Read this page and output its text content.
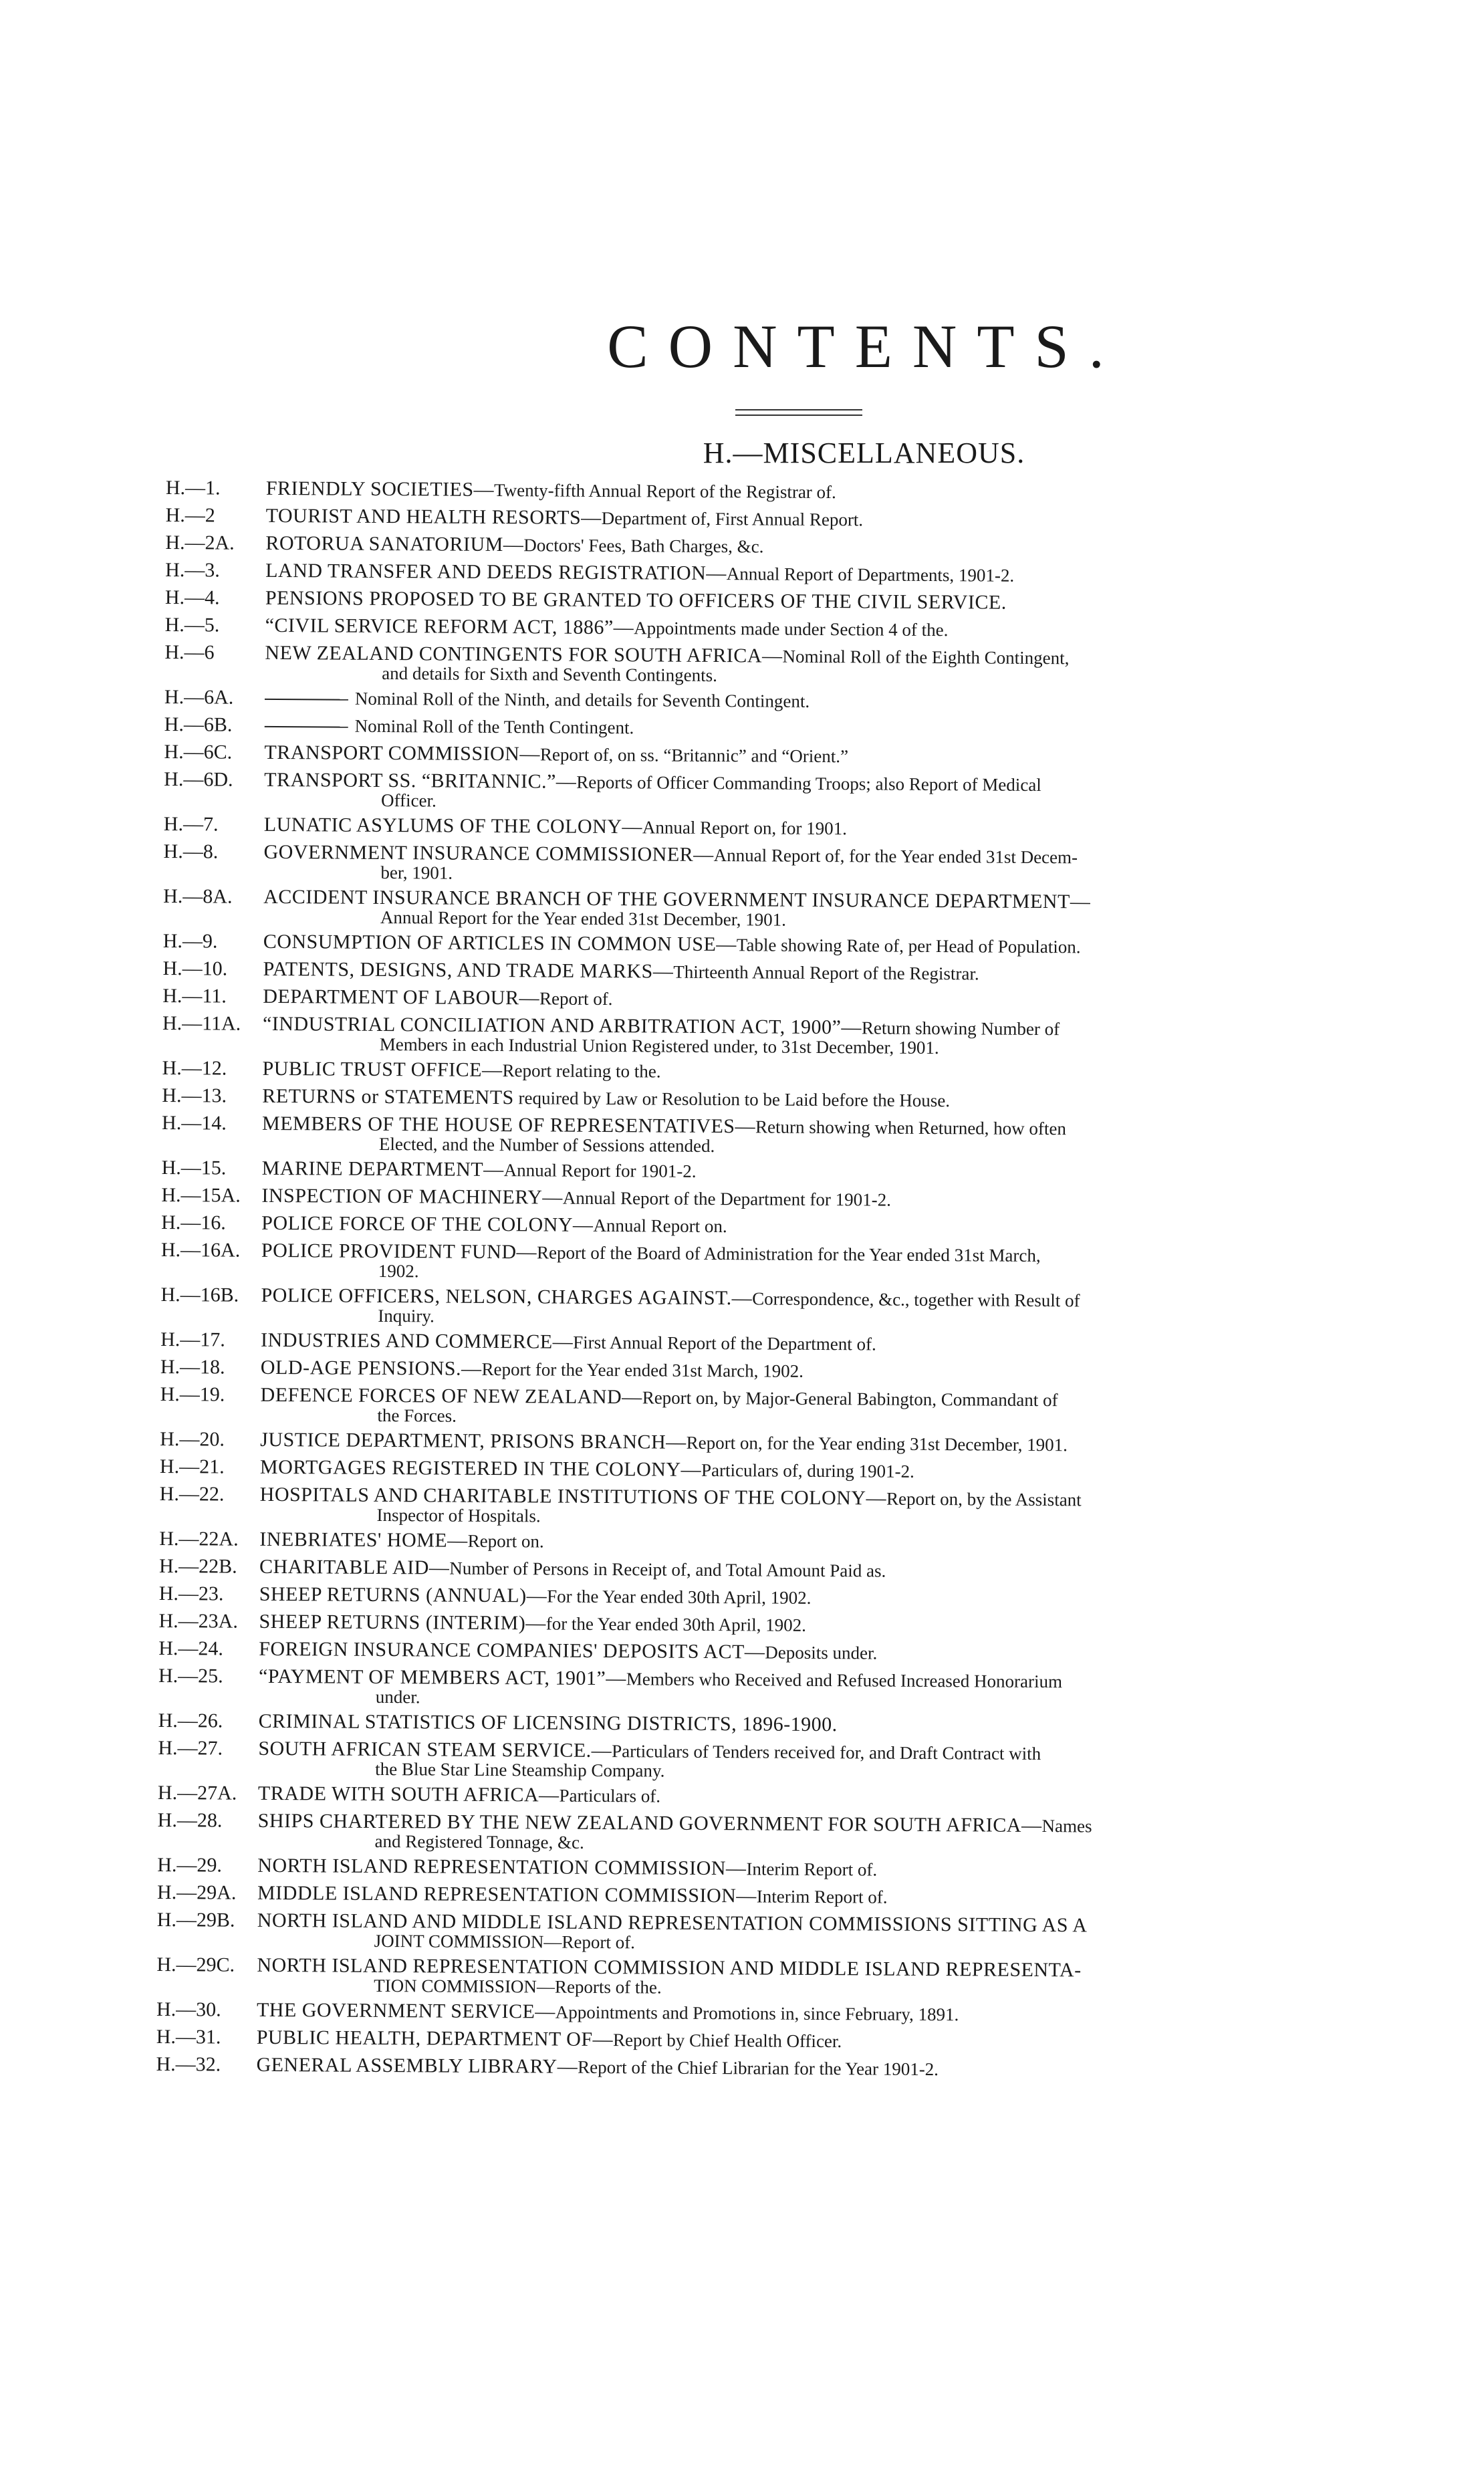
CONTENTS.
H.—MISCELLANEOUS.
H.—1.	FRIENDLY SOCIETIES—Twenty-fifth Annual Report of the Registrar of.
H.—2	TOURIST AND HEALTH RESORTS—Department of, First Annual Report.
H.—2A.	ROTORUA SANATORIUM—Doctors' Fees, Bath Charges, &c.
H.—3.	LAND TRANSFER AND DEEDS REGISTRATION—Annual Report of Departments, 1901-2.
H.—4.	PENSIONS PROPOSED TO BE GRANTED TO OFFICERS OF THE CIVIL SERVICE.
H.—5.	“CIVIL SERVICE REFORM ACT, 1886”—Appointments made under Section 4 of the.
H.—6	NEW ZEALAND CONTINGENTS FOR SOUTH AFRICA—Nominal Roll of the Eighth Contingent,
and details for Sixth and Seventh Contingents.
H.—6A.	Nominal Roll of the Ninth, and details for Seventh Contingent.
H.—6B.	Nominal Roll of the Tenth Contingent.
H.—6C.	TRANSPORT COMMISSION—Report of, on ss. “Britannic” and “Orient.”
H.—6D.	TRANSPORT SS. “BRITANNIC.”—Reports of Officer Commanding Troops; also Report of Medical
Officer.
H.—7.	LUNATIC ASYLUMS OF THE COLONY—Annual Report on, for 1901.
H.—8.	GOVERNMENT INSURANCE COMMISSIONER—Annual Report of, for the Year ended 31st Decem-
ber, 1901.
H.—8A.	ACCIDENT INSURANCE BRANCH OF THE GOVERNMENT INSURANCE DEPARTMENT—
Annual Report for the Year ended 31st December, 1901.
H.—9.	CONSUMPTION OF ARTICLES IN COMMON USE—Table showing Rate of, per Head of Population.
H.—10.	PATENTS, DESIGNS, AND TRADE MARKS—Thirteenth Annual Report of the Registrar.
H.—11.	DEPARTMENT OF LABOUR—Report of.
H.—11A.	“INDUSTRIAL CONCILIATION AND ARBITRATION ACT, 1900”—Return showing Number of
Members in each Industrial Union Registered under, to 31st December, 1901.
H.—12.	PUBLIC TRUST OFFICE—Report relating to the.
H.—13.	RETURNS or STATEMENTS required by Law or Resolution to be Laid before the House.
H.—14.	MEMBERS OF THE HOUSE OF REPRESENTATIVES—Return showing when Returned, how often
Elected, and the Number of Sessions attended.
H.—15.	MARINE DEPARTMENT—Annual Report for 1901-2.
H.—15A.	INSPECTION OF MACHINERY—Annual Report of the Department for 1901-2.
H.—16.	POLICE FORCE OF THE COLONY—Annual Report on.
H.—16A.	POLICE PROVIDENT FUND—Report of the Board of Administration for the Year ended 31st March,
1902.
H.—16B.	POLICE OFFICERS, NELSON, CHARGES AGAINST.—Correspondence, &c., together with Result of
Inquiry.
H.—17.	INDUSTRIES AND COMMERCE—First Annual Report of the Department of.
H.—18.	OLD-AGE PENSIONS.—Report for the Year ended 31st March, 1902.
H.—19.	DEFENCE FORCES OF NEW ZEALAND—Report on, by Major-General Babington, Commandant of
the Forces.
H.—20.	JUSTICE DEPARTMENT, PRISONS BRANCH—Report on, for the Year ending 31st December, 1901.
H.—21.	MORTGAGES REGISTERED IN THE COLONY—Particulars of, during 1901-2.
H.—22.	HOSPITALS AND CHARITABLE INSTITUTIONS OF THE COLONY—Report on, by the Assistant
Inspector of Hospitals.
H.—22A.	INEBRIATES' HOME—Report on.
H.—22B.	CHARITABLE AID—Number of Persons in Receipt of, and Total Amount Paid as.
H.—23.	SHEEP RETURNS (ANNUAL)—For the Year ended 30th April, 1902.
H.—23A.	SHEEP RETURNS (INTERIM)—for the Year ended 30th April, 1902.
H.—24.	FOREIGN INSURANCE COMPANIES' DEPOSITS ACT—Deposits under.
H.—25.	“PAYMENT OF MEMBERS ACT, 1901”—Members who Received and Refused Increased Honorarium
under.
H.—26.	CRIMINAL STATISTICS OF LICENSING DISTRICTS, 1896-1900.
H.—27.	SOUTH AFRICAN STEAM SERVICE.—Particulars of Tenders received for, and Draft Contract with
the Blue Star Line Steamship Company.
H.—27A.	TRADE WITH SOUTH AFRICA—Particulars of.
H.—28.	SHIPS CHARTERED BY THE NEW ZEALAND GOVERNMENT FOR SOUTH AFRICA—Names
and Registered Tonnage, &c.
H.—29.	NORTH ISLAND REPRESENTATION COMMISSION—Interim Report of.
H.—29A.	MIDDLE ISLAND REPRESENTATION COMMISSION—Interim Report of.
H.—29B.	NORTH ISLAND AND MIDDLE ISLAND REPRESENTATION COMMISSIONS SITTING AS A
JOINT COMMISSION—Report of.
H.—29C.	NORTH ISLAND REPRESENTATION COMMISSION AND MIDDLE ISLAND REPRESENTA-
TION COMMISSION—Reports of the.
H.—30.	THE GOVERNMENT SERVICE—Appointments and Promotions in, since February, 1891.
H.—31.	PUBLIC HEALTH, DEPARTMENT OF—Report by Chief Health Officer.
H.—32.	GENERAL ASSEMBLY LIBRARY—Report of the Chief Librarian for the Year 1901-2.
